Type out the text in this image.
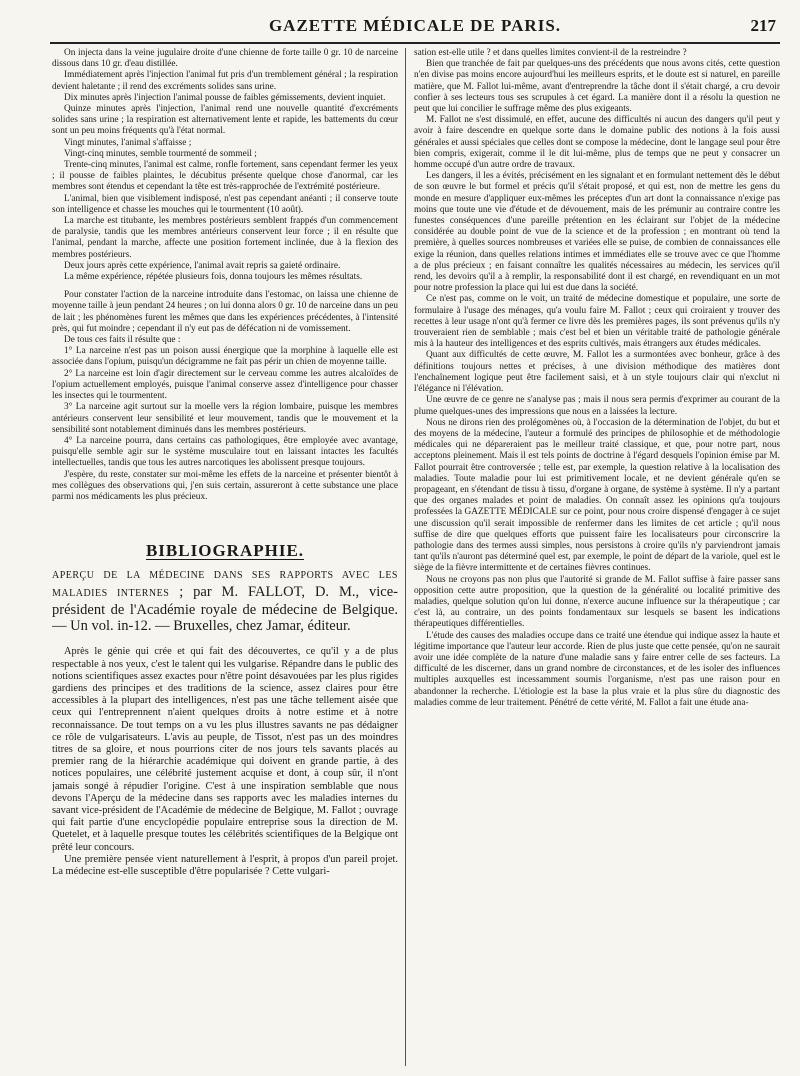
GAZETTE MÉDICALE DE PARIS.	217

On injecta dans la veine jugulaire droite d'une chienne de forte taille 0 gr. 10 de narceine dissous dans 10 gr. d'eau distillée.

Immédiatement après l'injection l'animal fut pris d'un tremblement général ; la respiration devient haletante ; il rend des excréments solides sans urine.

Dix minutes après l'injection l'animal pousse de faibles gémissements, devient inquiet.

Quinze minutes après l'injection, l'animal rend une nouvelle quantité d'excréments solides sans urine ; la respiration est alternativement lente et rapide, les battements du cœur sont un peu moins fréquents qu'à l'état normal.

Vingt minutes, l'animal s'affaisse ;

Vingt-cinq minutes, semble tourmenté de sommeil ;

Trente-cinq minutes, l'animal est calme, ronfle fortement, sans cependant fermer les yeux ; il pousse de faibles plaintes, le décubitus présente quelque chose d'anormal, car les membres sont étendus et cependant la tête est très-rapprochée de l'extrémité postérieure.

L'animal, bien que visiblement indisposé, n'est pas cependant anéanti ; il conserve toute son intelligence et chasse les mouches qui le tourmentent (10 août).

La marche est titubante, les membres postérieurs semblent frappés d'un commencement de paralysie, tandis que les membres antérieurs conservent leur force ; il en résulte que l'animal, pendant la marche, affecte une position fortement inclinée, due à la flexion des membres postérieurs.

Deux jours après cette expérience, l'animal avait repris sa gaieté ordinaire.

La même expérience, répétée plusieurs fois, donna toujours les mêmes résultats.

Pour constater l'action de la narceine introduite dans l'estomac, on laissa une chienne de moyenne taille à jeun pendant 24 heures ; on lui donna alors 0 gr. 10 de narceine dans un peu de lait ; les phénomènes furent les mêmes que dans les expériences précédentes, à l'intensité près, qui fut moindre ; cependant il n'y eut pas de défécation ni de vomissement.

De tous ces faits il résulte que :

1° La narceine n'est pas un poison aussi énergique que la morphine à laquelle elle est associée dans l'opium, puisqu'un décigramme ne fait pas périr un chien de moyenne taille.

2° La narceine est loin d'agir directement sur le cerveau comme les autres alcaloïdes de l'opium actuellement employés, puisque l'animal conserve assez d'intelligence pour chasser les insectes qui le tourmentent.

3° La narceine agit surtout sur la moelle vers la région lombaire, puisque les membres antérieurs conservent leur sensibilité et leur mouvement, tandis que le mouvement et la sensibilité sont notablement diminués dans les membres postérieurs.

4° La narceine pourra, dans certains cas pathologiques, être employée avec avantage, puisqu'elle semble agir sur le système musculaire tout en laissant intactes les facultés intellectuelles, tandis que tous les autres narcotiques les abolissent presque toujours.

J'espère, du reste, constater sur moi-même les effets de la narceine et présenter bientôt à mes collègues des observations qui, j'en suis certain, assureront à cette substance une place parmi nos médicaments les plus précieux.

BIBLIOGRAPHIE.

APERÇU DE LA MÉDECINE DANS SES RAPPORTS AVEC LES MALADIES INTERNES ; par M. FALLOT, D. M., vice-président de l'Académie royale de médecine de Belgique. — Un vol. in-12. — Bruxelles, chez Jamar, éditeur.

Après le génie qui crée et qui fait des découvertes, ce qu'il y a de plus respectable à nos yeux, c'est le talent qui les vulgarise. Répandre dans le public des notions scientifiques assez exactes pour n'être point désavouées par les plus rigides gardiens des principes et des traditions de la science, assez claires pour être accessibles à la plupart des intelligences, n'est pas une tâche tellement aisée que ceux qui l'entreprennent n'aient quelques droits à notre estime et à notre reconnaissance. De tout temps on a vu les plus illustres savants ne pas dédaigner ce rôle de vulgarisateurs. L'avis au peuple, de Tissot, n'est pas un des moindres titres de sa gloire, et nous pourrions citer de nos jours tels savants placés au premier rang de la hiérarchie académique qui doivent en grande partie, à des notices populaires, une célébrité justement acquise et dont, à coup sûr, il n'ont jamais songé à répudier l'origine. C'est à une inspiration semblable que nous devons l'Aperçu de la médecine dans ses rapports avec les maladies internes du savant vice-président de l'Académie de médecine de Belgique, M. Fallot ; ouvrage qui fait partie d'une encyclopédie populaire entreprise sous la direction de M. Quetelet, et à laquelle presque toutes les célébrités scientifiques de la Belgique ont prêté leur concours.

Une première pensée vient naturellement à l'esprit, à propos d'un pareil projet. La médecine est-elle susceptible d'être popularisée ? Cette vulgari-

sation est-elle utile ? et dans quelles limites convient-il de la restreindre ?

Bien que tranchée de fait par quelques-uns des précédents que nous avons cités, cette question n'en divise pas moins encore aujourd'hui les meilleurs esprits, et le doute est si naturel, en pareille matière, que M. Fallot lui-même, avant d'entreprendre la tâche dont il s'était chargé, a cru devoir confier à ses lecteurs tous ses scrupules à cet égard. La manière dont il a résolu la question ne peut que lui concilier le suffrage même des plus exigeants.

M. Fallot ne s'est dissimulé, en effet, aucune des difficultés ni aucun des dangers qu'il peut y avoir à faire descendre en quelque sorte dans le domaine public des notions à la fois aussi générales et aussi spéciales que celles dont se compose la médecine, dont le langage seul pour être bien compris, exigerait, comme il le dit lui-même, plus de temps que ne peut y consacrer un homme occupé d'un autre ordre de travaux.

Les dangers, il les a évités, précisément en les signalant et en formulant nettement dès le début de son œuvre le but formel et précis qu'il s'était proposé, et qui est, non de mettre les gens du monde en mesure d'appliquer eux-mêmes les préceptes d'un art dont la connaissance n'exige pas moins que toute une vie d'étude et de dévouement, mais de les prémunir au contraire contre les funestes conséquences d'une pareille prétention en les éclairant sur l'objet de la médecine considérée au double point de vue de la science et de la profession ; en montrant où tend la première, à quelles sources nombreuses et variées elle se puise, de combien de connaissances elle exige la réunion, dans quelles relations intimes et immédiates elle se trouve avec ce que l'homme a de plus précieux ; en faisant connaître les qualités nécessaires au médecin, les services qu'il rend, les devoirs qu'il a à remplir, la responsabilité dont il est chargé, en revendiquant en un mot pour notre profession la place qui lui est due dans la société.

Ce n'est pas, comme on le voit, un traité de médecine domestique et populaire, une sorte de formulaire à l'usage des ménages, qu'a voulu faire M. Fallot ; ceux qui croiraient y trouver des recettes à leur usage n'ont qu'à fermer ce livre dès les premières pages, ils sont prévenus qu'ils n'y trouveraient rien de semblable ; mais c'est bel et bien un véritable traité de pathologie générale mis à la hauteur des intelligences et des esprits cultivés, mais étrangers aux études médicales.

Quant aux difficultés de cette œuvre, M. Fallot les a surmontées avec bonheur, grâce à des définitions toujours nettes et précises, à une division méthodique des matières dont l'enchaînement logique peut être facilement saisi, et à un style toujours clair qui n'exclut ni l'élégance ni l'élévation.

Une œuvre de ce genre ne s'analyse pas ; mais il nous sera permis d'exprimer au courant de la plume quelques-unes des impressions que nous en a laissées la lecture.

Nous ne dirons rien des prolégomènes où, à l'occasion de la détermination de l'objet, du but et des moyens de la médecine, l'auteur a formulé des principes de philosophie et de méthodologie médicales qui ne dépareraient pas le meilleur traité classique, et que, pour notre part, nous acceptons pleinement. Mais il est tels points de doctrine à l'égard desquels l'opinion émise par M. Fallot pourrait être controversée ; telle est, par exemple, la question relative à la localisation des maladies. Toute maladie pour lui est primitivement locale, et ne devient générale qu'en se propageant, en s'étendant de tissu à tissu, d'organe à organe, de système à système. Il n'y a partant que des organes malades et point de maladies. On connaît assez les opinions qu'a toujours professées la GAZETTE MÉDICALE sur ce point, pour nous croire dispensé d'engager à ce sujet une discussion qu'il serait impossible de renfermer dans les limites de cet article ; qu'il nous suffise de dire que quelques efforts que puissent faire les localisateurs pour circonscrire la pathologie dans des termes aussi simples, nous persistons à croire qu'ils n'y parviendront jamais tant qu'ils n'auront pas déterminé quel est, par exemple, le point de départ de la variole, quel est le siège de la fièvre intermittente et de certaines fièvres continues.

Nous ne croyons pas non plus que l'autorité si grande de M. Fallot suffise à faire passer sans opposition cette autre proposition, que la question de la généralité ou localité primitive des maladies, quelque solution qu'on lui donne, n'exerce aucune influence sur la thérapeutique ; car c'est là, au contraire, un des points fondamentaux sur lesquels se basent les indications thérapeutiques différentielles.

L'étude des causes des maladies occupe dans ce traité une étendue qui indique assez la haute et légitime importance que l'auteur leur accorde. Rien de plus juste que cette pensée, qu'on ne saurait avoir une idée complète de la nature d'une maladie sans y faire entrer celle de ses facteurs. La difficulté de les discerner, dans un grand nombre de circonstances, et de les isoler des influences multiples auxquelles est incessamment soumis l'organisme, n'est pas une raison pour en abandonner la recherche. L'étiologie est la base la plus vraie et la plus sûre du diagnostic des maladies comme de leur traitement. Pénétré de cette vérité, M. Fallot a fait une étude ana-
